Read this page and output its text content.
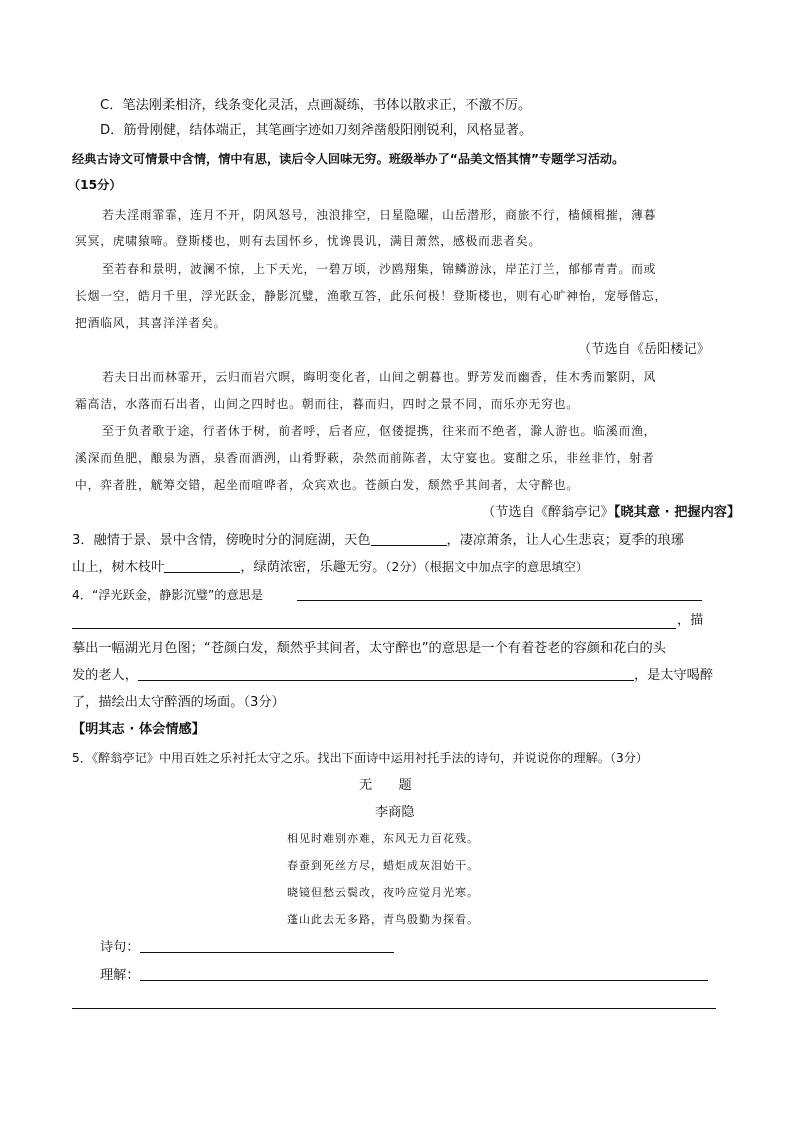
C．笔法刚柔相济，线条变化灵活，点画凝练，书体以散求正，不激不厉。
D．筋骨刚健，结体端正，其笔画字迹如刀刻斧凿般阳刚锐利，风格显著。
经典古诗文可情景中含情，情中有思，读后令人回味无穷。班级举办了“品美文悟其情”专题学习活动。
（15分）
若夫淫雨霏霏，连月不开，阴风怒号，浊浪排空，日星隐曜，山岳潜形，商旅不行，樯倾楫摧，薄暮
冥冥，虎啸猿啼。登斯楼也，则有去国怀乡，忧谗畏讥，满目萧然，感极而悲者矣。
至若春和景明，波澜不惊，上下天光，一碧万顷，沙鸥翔集，锦鳞游泳，岸芷汀兰，郁郁青青。而或
长烟一空，皓月千里，浮光跃金，静影沉璧，渔歌互答，此乐何极！登斯楼也，则有心旷神怡，宠辱偕忘，
把酒临风，其喜洋洋者矣。
（节选自《岳阳楼记》
若夫日出而林霏开，云归而岩穴暝，晦明变化者，山间之朝暮也。野芳发而幽香，佳木秀而繁阴，风
霜高洁，水落而石出者，山间之四时也。朝而往，暮而归，四时之景不同，而乐亦无穷也。
至于负者歌于途，行者休于树，前者呼，后者应，伛偻提携，往来而不绝者，滁人游也。临溪而渔，
溪深而鱼肥，酿泉为酒，泉香而酒洌，山肴野蔌，杂然而前陈者，太守宴也。宴酣之乐，非丝非竹，射者
中，弈者胜，觥筹交错，起坐而喧哗者，众宾欢也。苍颜白发，颓然乎其间者，太守醉也。
（节选自《醉翁亭记》【晓其意 · 把握内容】
3．融情于景、景中含情，傍晚时分的洞庭湖，天色	，凄凉萧条，让人心生悲哀；夏季的琅琊
山上，树木枝叶	，绿荫浓密，乐趣无穷。（2分）（根据文中加点字的意思填空）
4．“浮光跃金，静影沉璧”的意思是
，描
摹出一幅湖光月色图；“苍颜白发，颓然乎其间者，太守醉也”的意思是一个有着苍老的容颜和花白的头
发的老人，	，是太守喝醉
了，描绘出太守醉酒的场面。（3分）
【明其志 · 体会情感】
5．《醉翁亭记》中用百姓之乐衬托太守之乐。找出下面诗中运用衬托手法的诗句，并说说你的理解。（3分）
无　　题
李商隐
相见时难别亦难，东风无力百花残。
春蚕到死丝方尽，蜡炬成灰泪始干。
晓镜但愁云鬓改，夜吟应觉月光寒。
蓬山此去无多路，青鸟殷勤为探看。
诗句：
理解：
